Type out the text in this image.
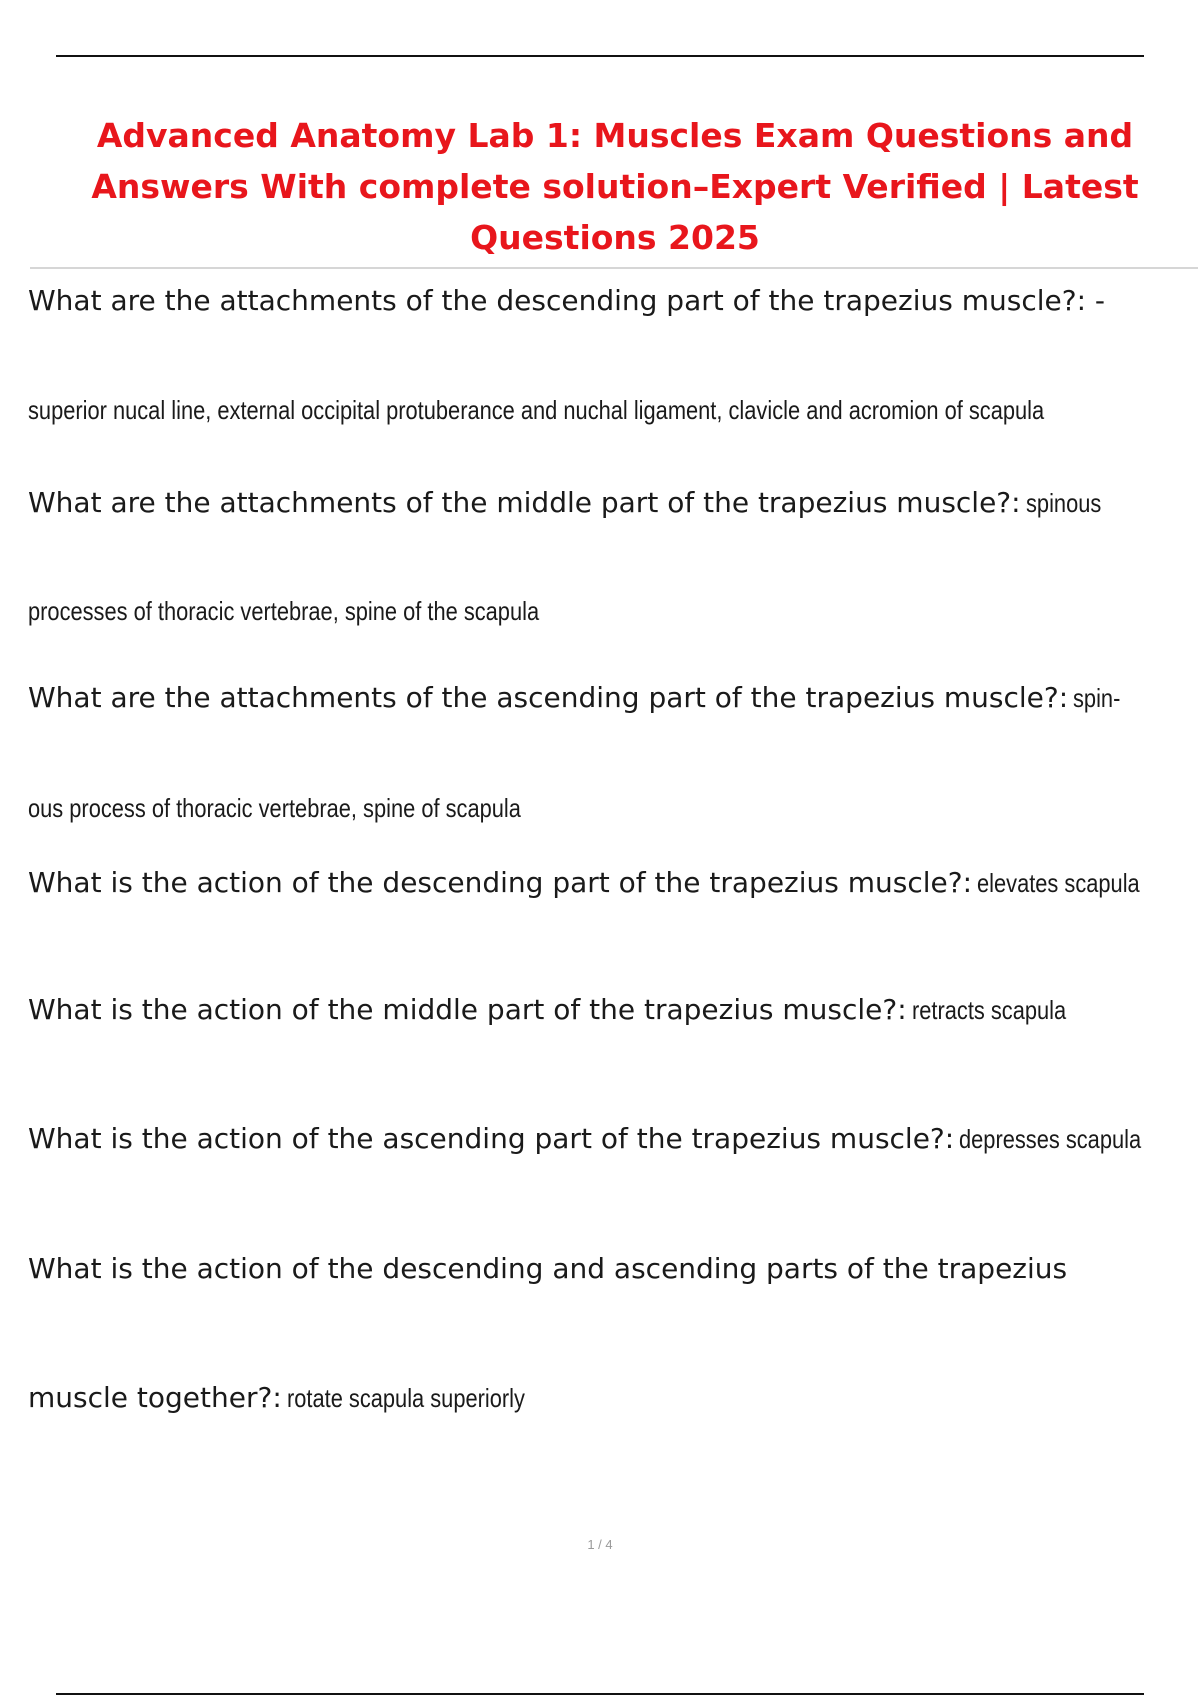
Advanced Anatomy Lab 1: Muscles Exam Questions and Answers With complete solution–Expert Verified | Latest Questions 2025

What are the attachments of the descending part of the trapezius muscle?: -

superior nucal line, external occipital protuberance and nuchal ligament, clavicle and acromion of scapula

What are the attachments of the middle part of the trapezius muscle?: spinous

processes of thoracic vertebrae, spine of the scapula

What are the attachments of the ascending part of the trapezius muscle?: spin-

ous process of thoracic vertebrae, spine of scapula

What is the action of the descending part of the trapezius muscle?: elevates scapula

What is the action of the middle part of the trapezius muscle?: retracts scapula

What is the action of the ascending part of the trapezius muscle?: depresses scapula

What is the action of the descending and ascending parts of the trapezius

muscle together?: rotate scapula superiorly

1 / 4
